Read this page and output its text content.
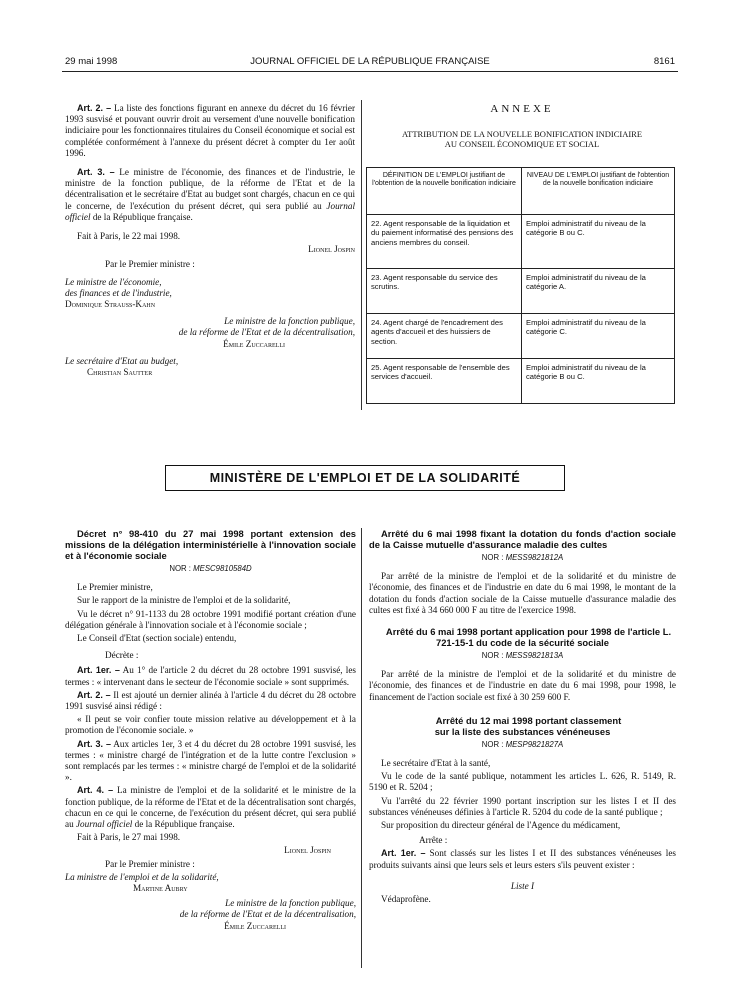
29 mai 1998	JOURNAL OFFICIEL DE LA RÉPUBLIQUE FRANÇAISE	8161

Art. 2. – La liste des fonctions figurant en annexe du décret du 16 février 1993 susvisé et pouvant ouvrir droit au versement d'une nouvelle bonification indiciaire pour les fonctionnaires titulaires du Conseil économique et social est complétée conformément à l'annexe du présent décret à compter du 1er août 1996.

Art. 3. – Le ministre de l'économie, des finances et de l'industrie, le ministre de la fonction publique, de la réforme de l'Etat et de la décentralisation et le secrétaire d'Etat au budget sont chargés, chacun en ce qui le concerne, de l'exécution du présent décret, qui sera publié au Journal officiel de la République française.

Fait à Paris, le 22 mai 1998.

Lionel Jospin

Par le Premier ministre :

Le ministre de l'économie,
des finances et de l'industrie,
Dominique Strauss-Kahn

Le ministre de la fonction publique,
de la réforme de l'Etat et de la décentralisation,
Émile Zuccarelli

Le secrétaire d'Etat au budget,
Christian Sautter

ANNEXE
ATTRIBUTION DE LA NOUVELLE BONIFICATION INDICIAIRE
AU CONSEIL ÉCONOMIQUE ET SOCIAL
DÉFINITION DE L'EMPLOI justifiant de l'obtention de la nouvelle bonification indiciaire	NIVEAU DE L'EMPLOI justifiant de l'obtention de la nouvelle bonification indiciaire
22. Agent responsable de la liquidation et du paiement informatisé des pensions des anciens membres du conseil.	Emploi administratif du niveau de la catégorie B ou C.
23. Agent responsable du service des scrutins.	Emploi administratif du niveau de la catégorie A.
24. Agent chargé de l'encadrement des agents d'accueil et des huissiers de section.	Emploi administratif du niveau de la catégorie C.
25. Agent responsable de l'ensemble des services d'accueil.	Emploi administratif du niveau de la catégorie B ou C.
MINISTÈRE DE L'EMPLOI ET DE LA SOLIDARITÉ

Décret n° 98-410 du 27 mai 1998 portant extension des missions de la délégation interministérielle à l'innovation sociale et à l'économie sociale

NOR : MESC9810584D

Le Premier ministre,

Sur le rapport de la ministre de l'emploi et de la solidarité,

Vu le décret n° 91-1133 du 28 octobre 1991 modifié portant création d'une délégation générale à l'innovation sociale et à l'économie sociale ;

Le Conseil d'Etat (section sociale) entendu,

Décrète :

Art. 1er. – Au 1° de l'article 2 du décret du 28 octobre 1991 susvisé, les termes : « intervenant dans le secteur de l'économie sociale » sont supprimés.

Art. 2. – Il est ajouté un dernier alinéa à l'article 4 du décret du 28 octobre 1991 susvisé ainsi rédigé :

« Il peut se voir confier toute mission relative au développement et à la promotion de l'économie sociale. »

Art. 3. – Aux articles 1er, 3 et 4 du décret du 28 octobre 1991 susvisé, les termes : « ministre chargé de l'intégration et de la lutte contre l'exclusion » sont remplacés par les termes : « ministre chargé de l'emploi et de la solidarité ».

Art. 4. – La ministre de l'emploi et de la solidarité et le ministre de la fonction publique, de la réforme de l'Etat et de la décentralisation sont chargés, chacun en ce qui le concerne, de l'exécution du présent décret, qui sera publié au Journal officiel de la République française.

Fait à Paris, le 27 mai 1998.

Lionel Jospin

Par le Premier ministre :

La ministre de l'emploi et de la solidarité,
Martine Aubry

Le ministre de la fonction publique,
de la réforme de l'Etat et de la décentralisation,
Émile Zuccarelli

Arrêté du 6 mai 1998 fixant la dotation du fonds d'action sociale de la Caisse mutuelle d'assurance maladie des cultes

NOR : MESS9821812A

Par arrêté de la ministre de l'emploi et de la solidarité et du ministre de l'économie, des finances et de l'industrie en date du 6 mai 1998, le montant de la dotation du fonds d'action sociale de la Caisse mutuelle d'assurance maladie des cultes est fixé à 34 660 000 F au titre de l'exercice 1998.

Arrêté du 6 mai 1998 portant application pour 1998 de l'article L. 721-15-1 du code de la sécurité sociale

NOR : MESS9821813A

Par arrêté de la ministre de l'emploi et de la solidarité et du ministre de l'économie, des finances et de l'industrie en date du 6 mai 1998, pour 1998, le financement de l'action sociale est fixé à 30 259 600 F.

Arrêté du 12 mai 1998 portant classement
sur la liste des substances vénéneuses

NOR : MESP9821827A

Le secrétaire d'Etat à la santé,

Vu le code de la santé publique, notamment les articles L. 626, R. 5149, R. 5190 et R. 5204 ;

Vu l'arrêté du 22 février 1990 portant inscription sur les listes I et II des substances vénéneuses définies à l'article R. 5204 du code de la santé publique ;

Sur proposition du directeur général de l'Agence du médicament,

Arrête :

Art. 1er. – Sont classés sur les listes I et II des substances vénéneuses les produits suivants ainsi que leurs sels et leurs esters s'ils peuvent exister :

Liste I

Védaprofène.
